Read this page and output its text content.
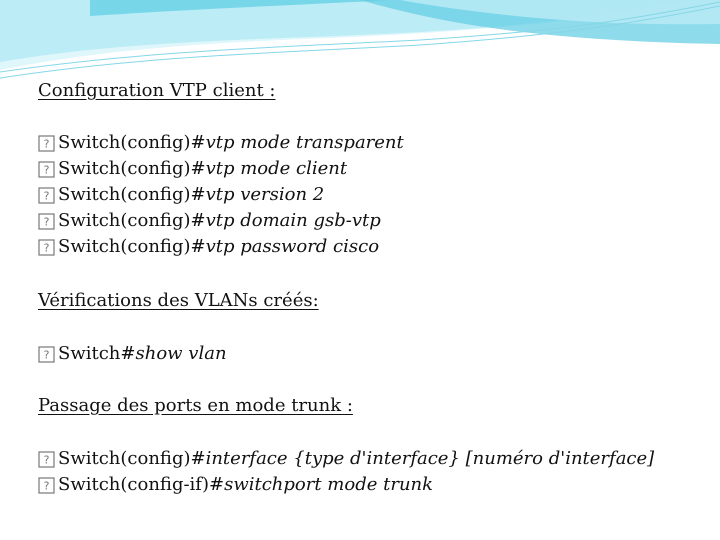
Configuration VTP client :
? Switch(config)# vtp mode transparent
? Switch(config)# vtp mode client
? Switch(config)# vtp version 2
? Switch(config)# vtp domain gsb-vtp
? Switch(config)# vtp password cisco
Vérifications des VLANs créés:
? Switch# show vlan
Passage des ports en mode trunk :
? Switch(config)# interface {type d'interface} [numéro d'interface]
? Switch(config-if)# switchport mode trunk
